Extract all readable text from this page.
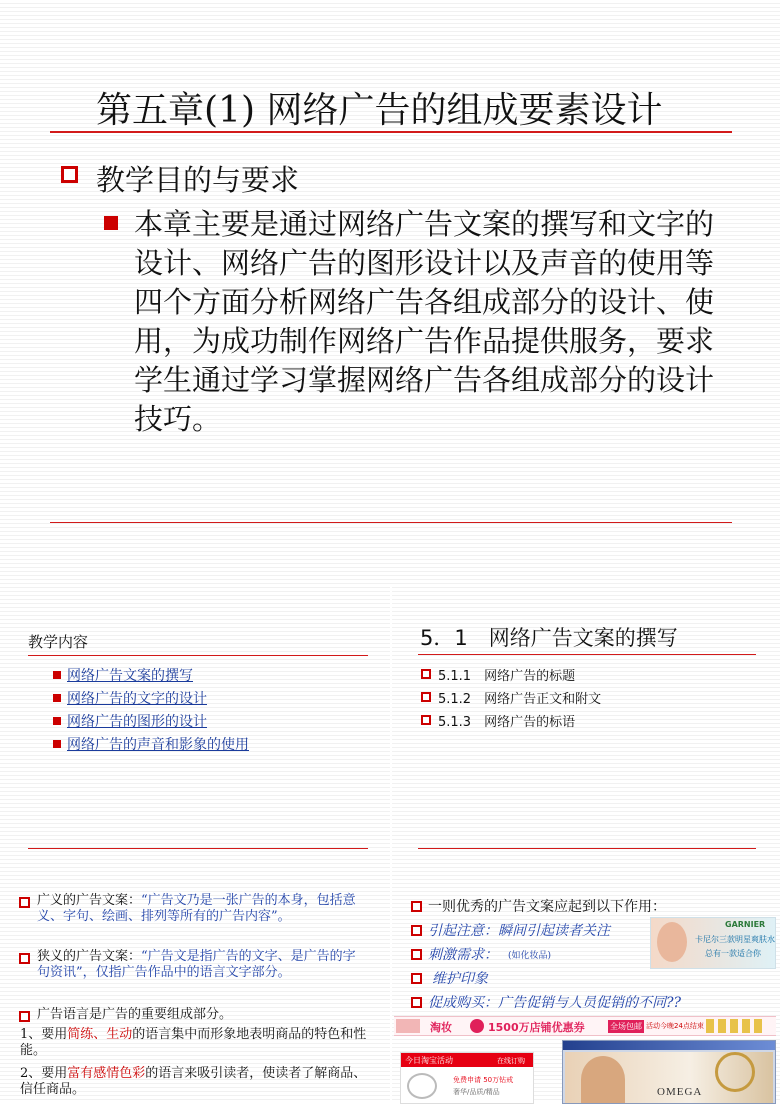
第五章(1) 网络广告的组成要素设计
教学目的与要求
本章主要是通过网络广告文案的撰写和文字的设计、网络广告的图形设计以及声音的使用等四个方面分析网络广告各组成部分的设计、使用，为成功制作网络广告作品提供服务，要求学生通过学习掌握网络广告各组成部分的设计技巧。
教学内容
网络广告文案的撰写
网络广告的文字的设计
网络广告的图形的设计
网络广告的声音和影象的使用
5．1　网络广告文案的撰写
5.1.1　网络广告的标题
5.1.2　网络广告正文和附文
5.1.3　网络广告的标语
广义的广告文案：“广告文乃是一张广告的本身，包括意义、字句、绘画、排列等所有的广告内容”。
狭义的广告文案：“广告文是指广告的文字、是广告的字句资讯”，仅指广告作品中的语言文字部分。
广告语言是广告的重要组成部分。
1、要用简练、生动的语言集中而形象地表明商品的特色和性能。
2、要用富有感情色彩的语言来吸引读者，使读者了解商品、信任商品。
一则优秀的广告文案应起到以下作用：
引起注意：瞬间引起读者关注
刺激需求： (如化妆品)
维护印象
促成购买：广告促销与人员促销的不同??
GARNIER
卡尼尔三款明星爽肤水
总有一款适合你
淘妆	1500万店铺优惠券	全场包邮 活动今晚24点结束
今日淘宝活动	在线订购
免费申请 50万钻戒
奢华/品质/精品	OMEGA
